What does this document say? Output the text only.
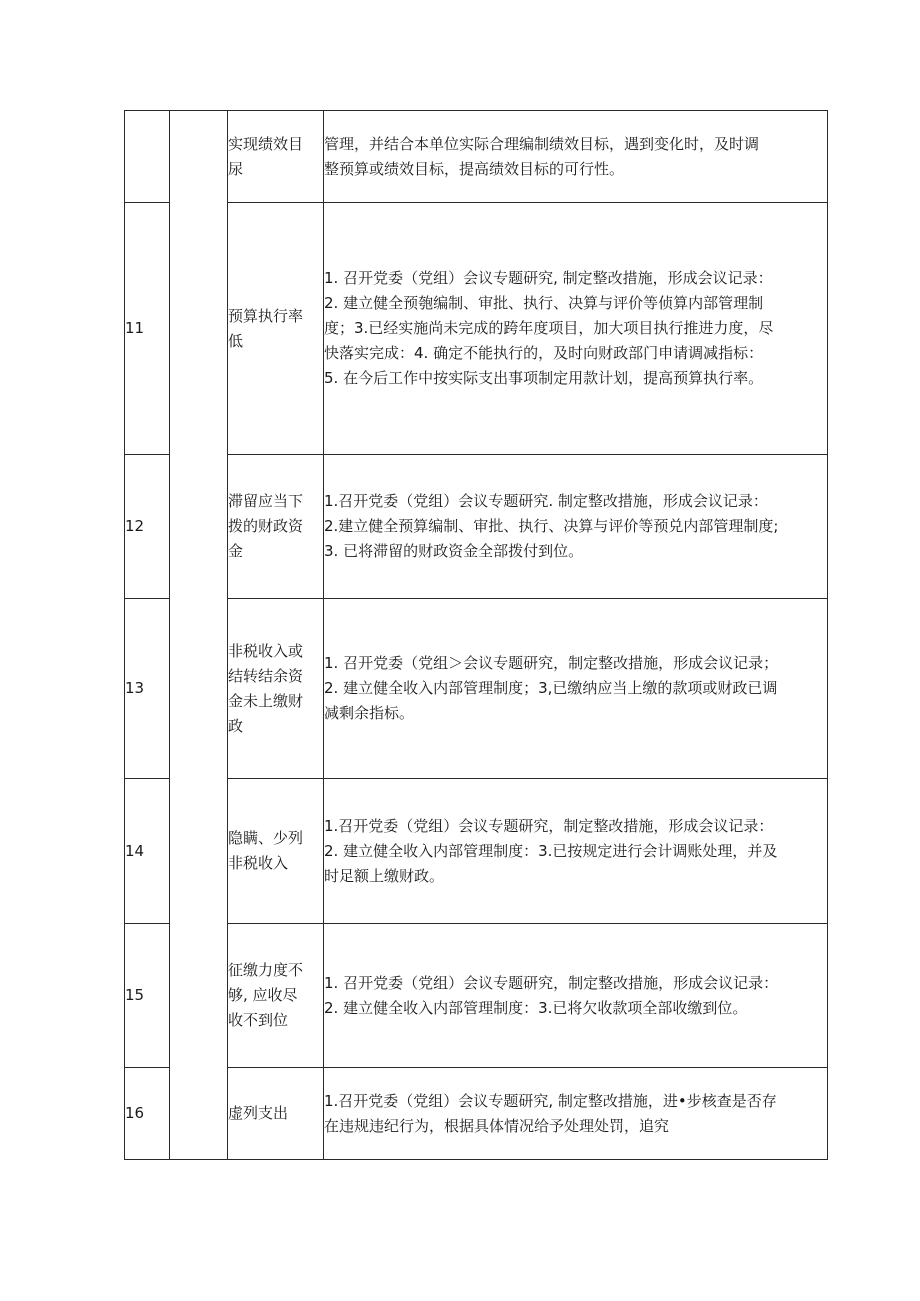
		实现绩效目
尿	管理，并结合本单位实际合理编制绩效目标，遇到变化时，及时调
整预算或绩效目标，提高绩效目标的可行性。

11		预算执行率
低	1. 召开党委（党组）会议专题研究, 制定整改措施，形成会议记录：
2. 建立健全预匏编制、审批、执行、决算与评价等侦算内部管理制
度；3.已经实施尚未完成的跨年度项目，加大项目执行推进力度，尽
快落实完成：4. 确定不能执行的，及时向财政部门申请调减指标：
5. 在今后工作中按实际支出事项制定用款计划，提高预算执行率。

12		滞留应当下
拨的财政资
金	1.召开党委（党组）会议专题研究. 制定整改措施，形成会议记录：
2.建立健全预算编制、审批、执行、决算与评价等预兑内部管理制度;
3. 已将滞留的财政资金全部拨付到位。

13		非税收入或
结转结余资
金未上缴财
政	1. 召开党委（党组＞会议专题研究，制定整改措施，形成会议记录；
2. 建立健全收入内部管理制度；3,已缴纳应当上缴的款项或财政已调
减剩余指标。

14		隐瞒、少列
非税收入	1.召开党委（党组）会议专题研究，制定整改措施，形成会议记录：
2. 建立健全收入内部管理制度：3.已按规定进行会计调账处理，并及
时足额上缴财政。

15		征缴力度不
够, 应收尽
收不到位	1. 召开党委（党组）会议专题研究，制定整改措施，形成会议记录：
2. 建立健全收入内部管理制度：3.已将欠收款项全部收缴到位。

16		虚列支出	1.召开党委（党组）会议专题研究, 制定整改措施，进•步核查是否存
在违规违纪行为，根据具体情况给予处理处罚，追究
